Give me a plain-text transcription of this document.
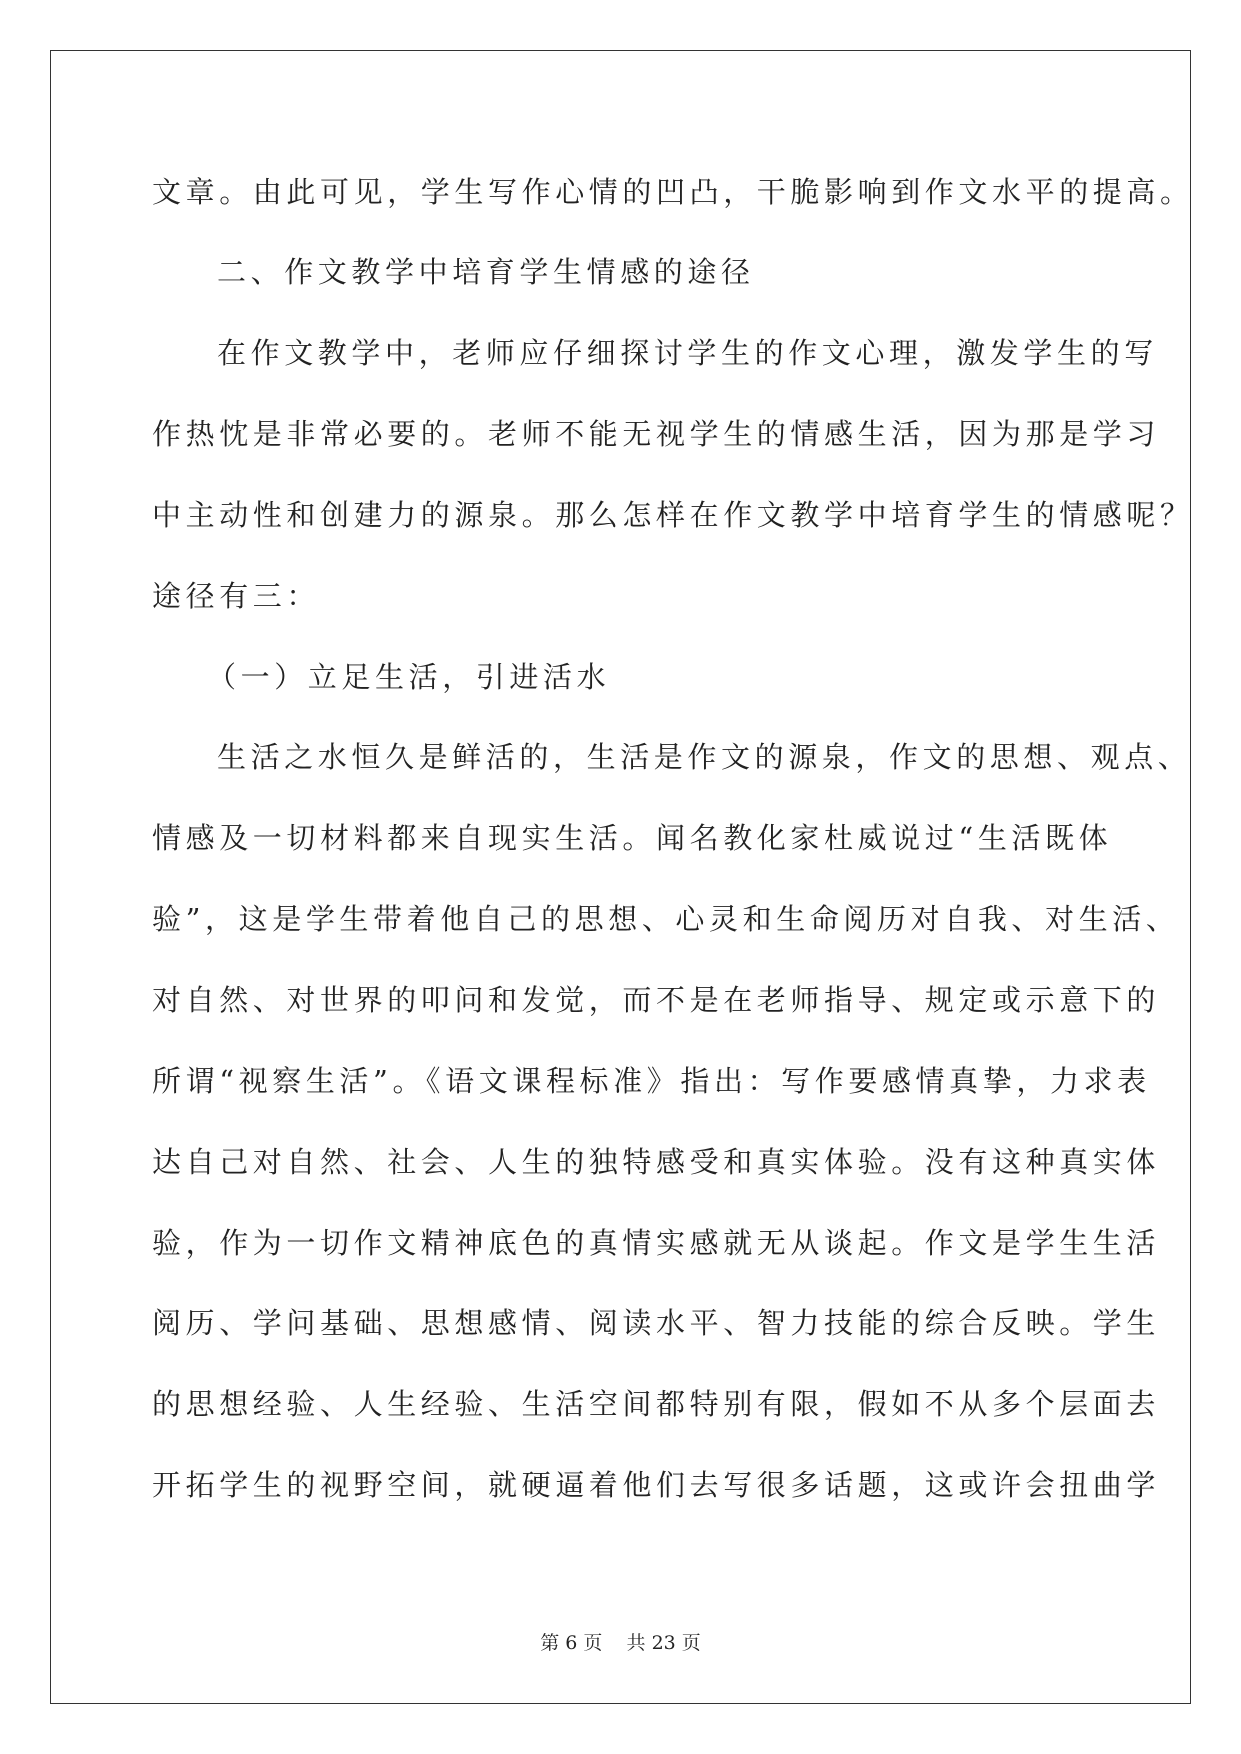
文章。由此可见，学生写作心情的凹凸，干脆影响到作文水平的提高。
二、作文教学中培育学生情感的途径
在作文教学中，老师应仔细探讨学生的作文心理，激发学生的写
作热忱是非常必要的。老师不能无视学生的情感生活，因为那是学习
中主动性和创建力的源泉。那么怎样在作文教学中培育学生的情感呢？
途径有三：
（一）立足生活，引进活水
生活之水恒久是鲜活的，生活是作文的源泉，作文的思想、观点、
情感及一切材料都来自现实生活。闻名教化家杜威说过“生活既体
验”，这是学生带着他自己的思想、心灵和生命阅历对自我、对生活、
对自然、对世界的叩问和发觉，而不是在老师指导、规定或示意下的
所谓“视察生活”。《语文课程标准》指出：写作要感情真挚，力求表
达自己对自然、社会、人生的独特感受和真实体验。没有这种真实体
验，作为一切作文精神底色的真情实感就无从谈起。作文是学生生活
阅历、学问基础、思想感情、阅读水平、智力技能的综合反映。学生
的思想经验、人生经验、生活空间都特别有限，假如不从多个层面去
开拓学生的视野空间，就硬逼着他们去写很多话题，这或许会扭曲学
第 6 页    共 23 页
